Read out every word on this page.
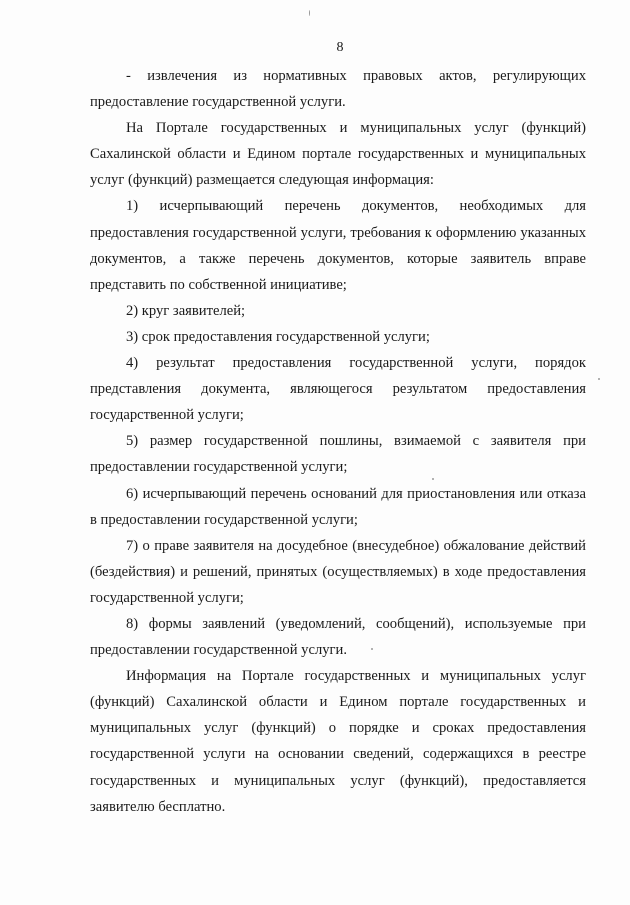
8

- извлечения из нормативных правовых актов, регулирующих предоставление государственной услуги.

На Портале государственных и муниципальных услуг (функций) Сахалинской области и Едином портале государственных и муниципальных услуг (функций) размещается следующая информация:

1) исчерпывающий перечень документов, необходимых для предоставления государственной услуги, требования к оформлению указанных документов, а также перечень документов, которые заявитель вправе представить по собственной инициативе;

2) круг заявителей;

3) срок предоставления государственной услуги;

4) результат предоставления государственной услуги, порядок представления документа, являющегося результатом предоставления государственной услуги;

5) размер государственной пошлины, взимаемой с заявителя при предоставлении государственной услуги;

6) исчерпывающий перечень оснований для приостановления или отказа в предоставлении государственной услуги;

7) о праве заявителя на досудебное (внесудебное) обжалование действий (бездействия) и решений, принятых (осуществляемых) в ходе предоставления государственной услуги;

8) формы заявлений (уведомлений, сообщений), используемые при предоставлении государственной услуги.

Информация на Портале государственных и муниципальных услуг (функций) Сахалинской области и Едином портале государственных и муниципальных услуг (функций) о порядке и сроках предоставления государственной услуги на основании сведений, содержащихся в реестре государственных и муниципальных услуг (функций), предоставляется заявителю бесплатно.
